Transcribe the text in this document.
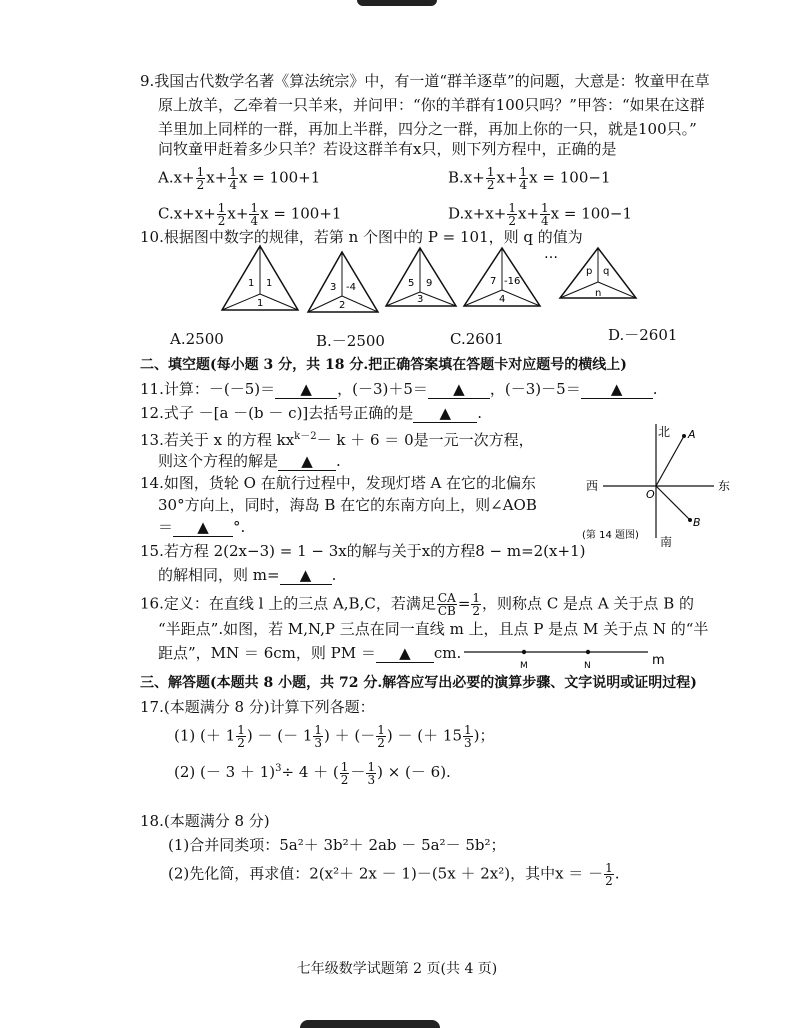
9.我国古代数学名著《算法统宗》中，有一道“群羊逐草”的问题，大意是：牧童甲在草
原上放羊，乙牵着一只羊来，并问甲：“你的羊群有100只吗？”甲答：“如果在这群
羊里加上同样的一群，再加上半群，四分之一群，再加上你的一只，就是100只。”
问牧童甲赶着多少只羊？若设这群羊有x只，则下列方程中，正确的是
$A.x+ \frac{1}{2} x+ \frac{1}{4}$ x = 100+1	$B.x+ \frac{1}{2} x+ \frac{1}{4}$ x = 100−1
$C.x+x+ \frac{1}{2} x+ \frac{1}{4}$ x = 100+1	$D.x+x+ \frac{1}{2} x+ \frac{1}{4}$ x = 100−1
10.根据图中数字的规律，若第 n 个图中的 P = 101，则 q 的值为
1 1
1
3 -4
2
5 9
3
7 -16
4
…
p q
n
A.2500	B.－2500	C.2601	D.－2601
二、填空题(每小题 3 分，共 18 分.把正确答案填在答题卡对应题号的横线上)
11.计算：－(－5)＝ ▲ ，(－3)＋5＝ ▲ ，(－3)－5＝ ▲ .
12.式子 －[a －(b － c)]去括号正确的是 ▲ .
13.若关于 x 的方程 $kx^{k-2}- k + 6 = 0$是一元一次方程，
则这个方程的解是 ▲ .
14.如图，货轮 O 在航行过程中，发现灯塔 A 在它的北偏东
30°方向上，同时，海岛 B 在它的东南方向上，则∠AOB
＝ ▲ °.
北
西	东
南
O
A
B
(第 14 题图)
15.若方程 2(2x−3) = 1 − 3x的解与关于x的方程8 − m=2(x+1)
的解相同，则 m= ▲ .
16.定义：在直线 l 上的三点 A,B,C，若满足 $\frac{CA}{CB} = \frac{1}{2}$ ，则称点 C 是点 A 关于点 B 的
“半距点”.如图，若 M,N,P 三点在同一直线 m 上，且点 P 是点 M 关于点 N 的“半
距点”，MN ＝ 6cm，则 PM ＝ ▲ cm.
M	N	m
三、解答题(本题共 8 小题，共 72 分.解答应写出必要的演算步骤、文字说明或证明过程)
17.(本题满分 8 分)计算下列各题：
(1) (＋ $1 \frac{1}{2}$ ) － (－ $1 \frac{1}{3}$ ) ＋ (－ $\frac{1}{2}$ ) － (＋ $15 \frac{1}{3}$ )；
(2) (－ 3 ＋ 1)$^3$÷ 4 ＋ ( $\frac{1}{2} - \frac{1}{3}$ ) × (－ 6).
18.(本题满分 8 分)
(1)合并同类项：5a²＋ 3b²＋ 2ab － 5a²－ 5b²；
(2)先化简，再求值：2(x²＋ 2x － 1)－(5x ＋ 2x²)，其中x ＝ － $\frac{1}{2}$ .
七年级数学试题第 2 页(共 4 页)
